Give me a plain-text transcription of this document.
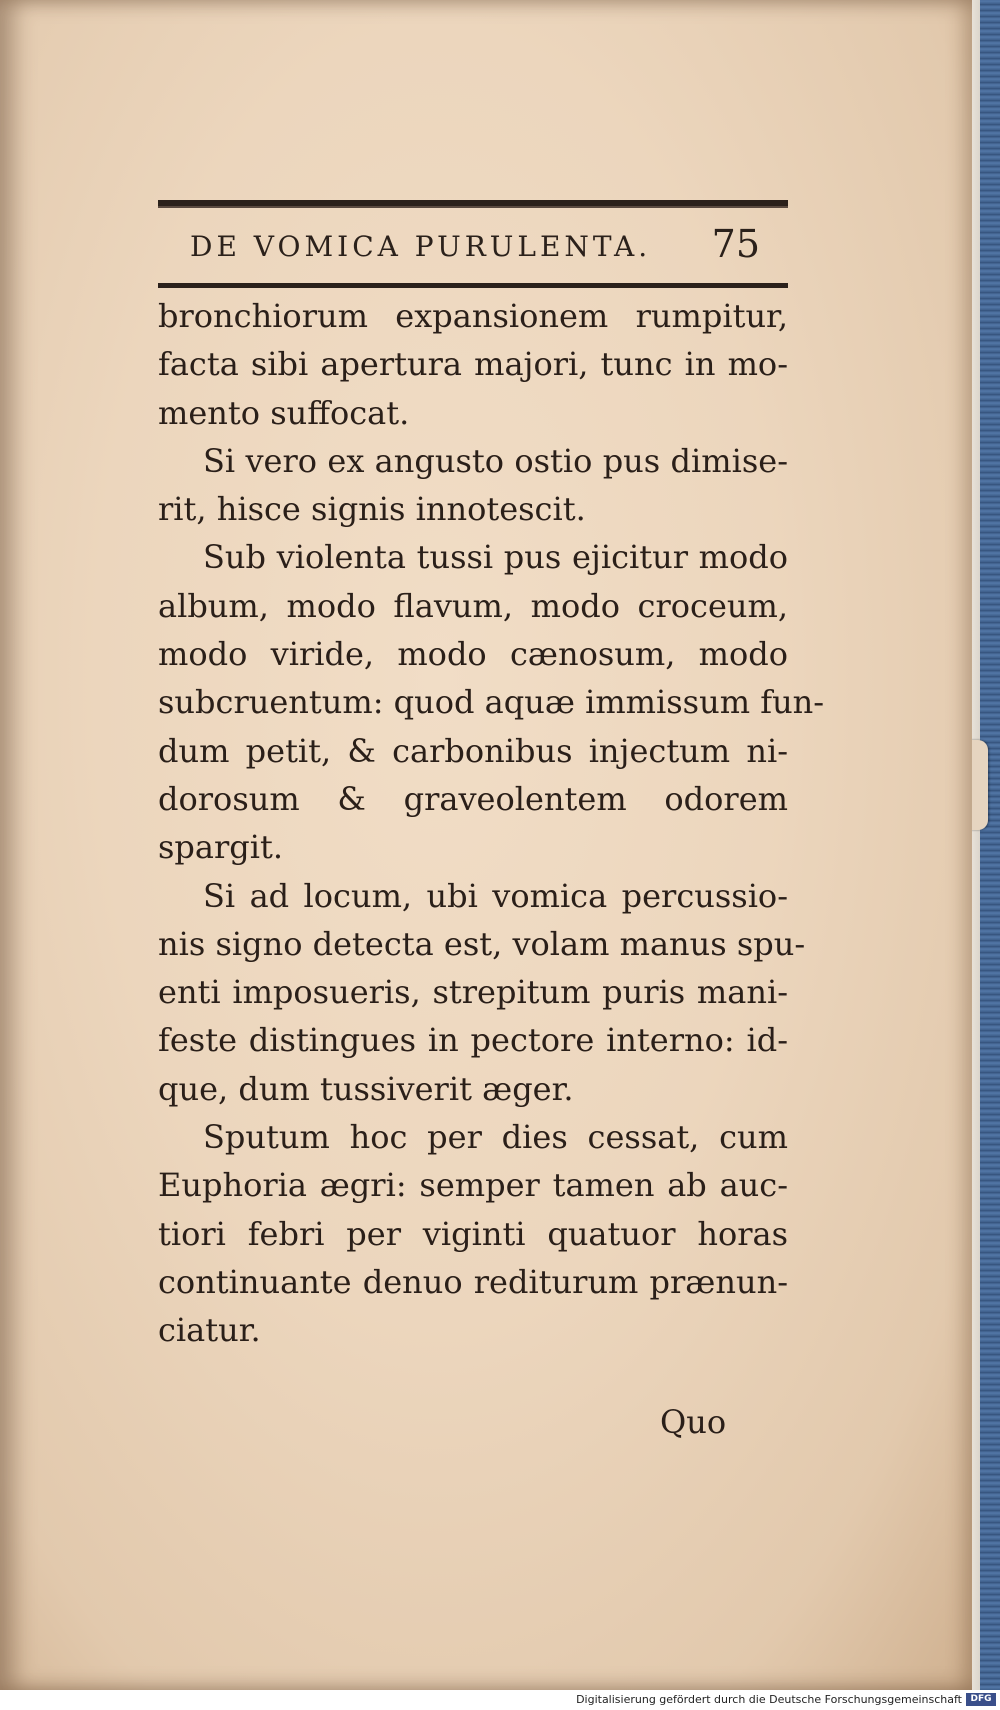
DE VOMICA PURULENTA. 75
bronchiorum expansionem rumpitur,
facta sibi apertura majori, tunc in mo-
mento suffocat.
Si vero ex angusto ostio pus dimise-
rit, hisce signis innotescit.
Sub violenta tussi pus ejicitur modo
album, modo flavum, modo croceum,
modo viride, modo cænosum, modo
subcruentum: quod aquæ immissum fun-
dum petit, & carbonibus injectum ni-
dorosum & graveolentem odorem
spargit.
Si ad locum, ubi vomica percussio-
nis signo detecta est, volam manus spu-
enti imposueris, strepitum puris mani-
feste distingues in pectore interno: id-
que, dum tussiverit æger.
Sputum hoc per dies cessat, cum
Euphoria ægri: semper tamen ab auc-
tiori febri per viginti quatuor horas
continuante denuo rediturum prænun-
ciatur.
Quo
Digitalisierung gefördert durch die Deutsche Forschungsgemeinschaft DFG
